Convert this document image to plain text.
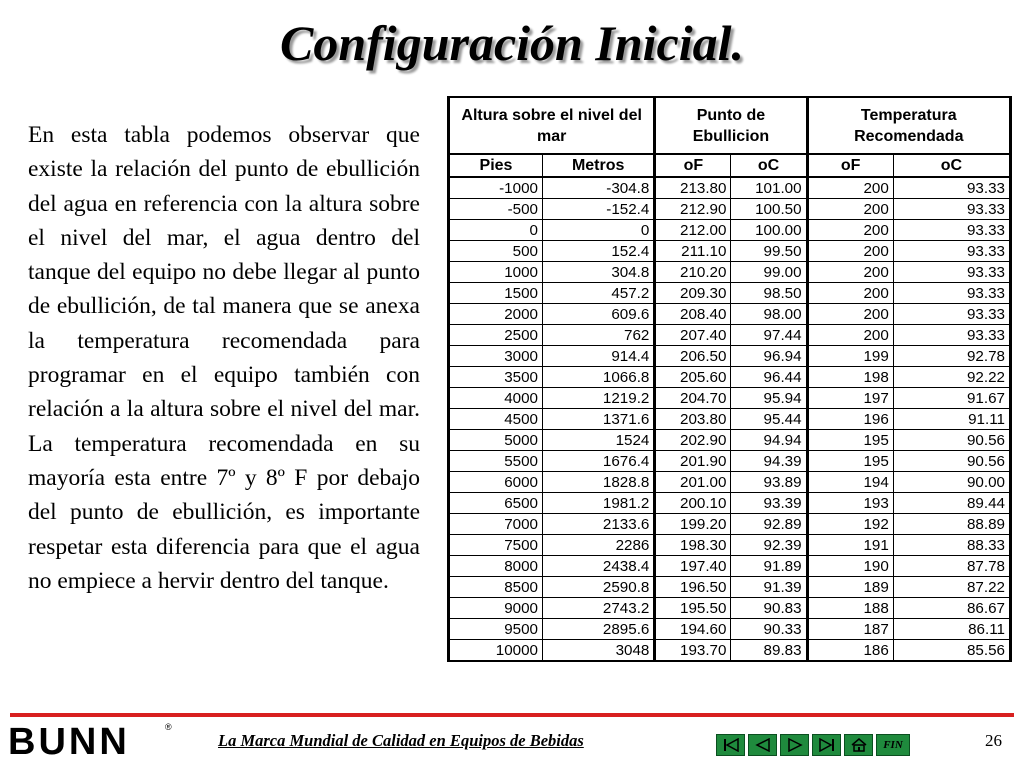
Configuración Inicial.

En esta tabla podemos observar que existe la relación del punto de ebullición del agua en referencia con la altura sobre el nivel del mar, el agua dentro del tanque del equipo no debe llegar al punto de ebullición, de tal manera que se anexa la temperatura recomendada para programar en el equipo también con relación a la altura sobre el nivel del mar. La temperatura recomendada en su mayoría esta entre 7º y 8º F por debajo del punto de ebullición, es importante respetar esta diferencia para que el agua no empiece a hervir dentro del tanque.

Altura sobre el nivel del mar		Punto de Ebullicion		Temperatura Recomendada	
Pies	Metros	oF	oC	oF	oC
-1000	-304.8	213.80	101.00	200	93.33
-500	-152.4	212.90	100.50	200	93.33
0	0	212.00	100.00	200	93.33
500	152.4	211.10	99.50	200	93.33
1000	304.8	210.20	99.00	200	93.33
1500	457.2	209.30	98.50	200	93.33
2000	609.6	208.40	98.00	200	93.33
2500	762	207.40	97.44	200	93.33
3000	914.4	206.50	96.94	199	92.78
3500	1066.8	205.60	96.44	198	92.22
4000	1219.2	204.70	95.94	197	91.67
4500	1371.6	203.80	95.44	196	91.11
5000	1524	202.90	94.94	195	90.56
5500	1676.4	201.90	94.39	195	90.56
6000	1828.8	201.00	93.89	194	90.00
6500	1981.2	200.10	93.39	193	89.44
7000	2133.6	199.20	92.89	192	88.89
7500	2286	198.30	92.39	191	88.33
8000	2438.4	197.40	91.89	190	87.78
8500	2590.8	196.50	91.39	189	87.22
9000	2743.2	195.50	90.83	188	86.67
9500	2895.6	194.60	90.33	187	86.11
10000	3048	193.70	89.83	186	85.56
BUNN	®
La Marca Mundial de Calidad en Equipos de Bebidas	FIN	26
